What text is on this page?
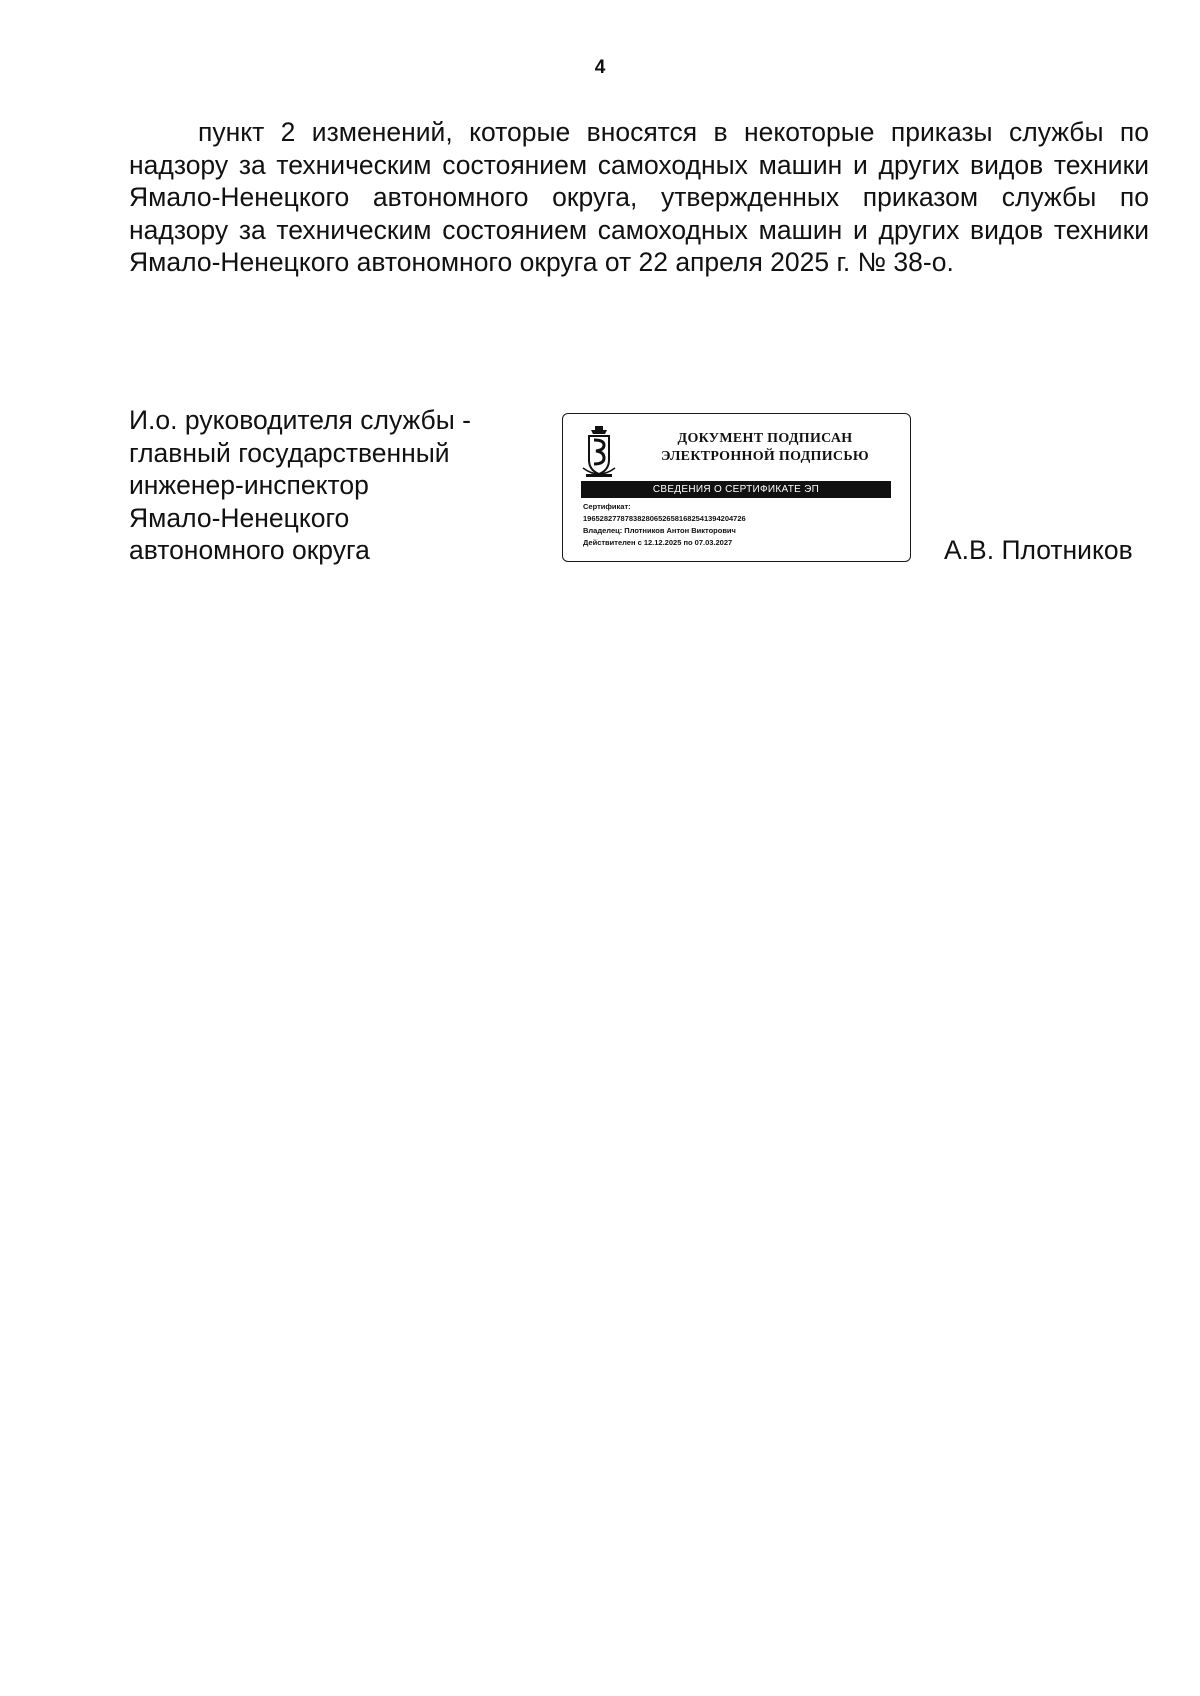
4

пункт 2 изменений, которые вносятся в некоторые приказы службы по надзору за техническим состоянием самоходных машин и других видов техники Ямало-Ненецкого автономного округа, утвержденных приказом службы по надзору за техническим состоянием самоходных машин и других видов техники Ямало-Ненецкого автономного округа от 22 апреля 2025 г. № 38-о.

И.о. руководителя службы -
главный государственный
инженер-инспектор
Ямало-Ненецкого
автономного округа
ДОКУМЕНТ ПОДПИСАН
ЭЛЕКТРОННОЙ ПОДПИСЬЮ
СВЕДЕНИЯ О СЕРТИФИКАТЕ ЭП
Сертификат:
1965282778783828065265816825413942047​26
Владелец: Плотников Антон Викторович
Действителен с 12.12.2025 по 07.03.2027	А.В. Плотников
